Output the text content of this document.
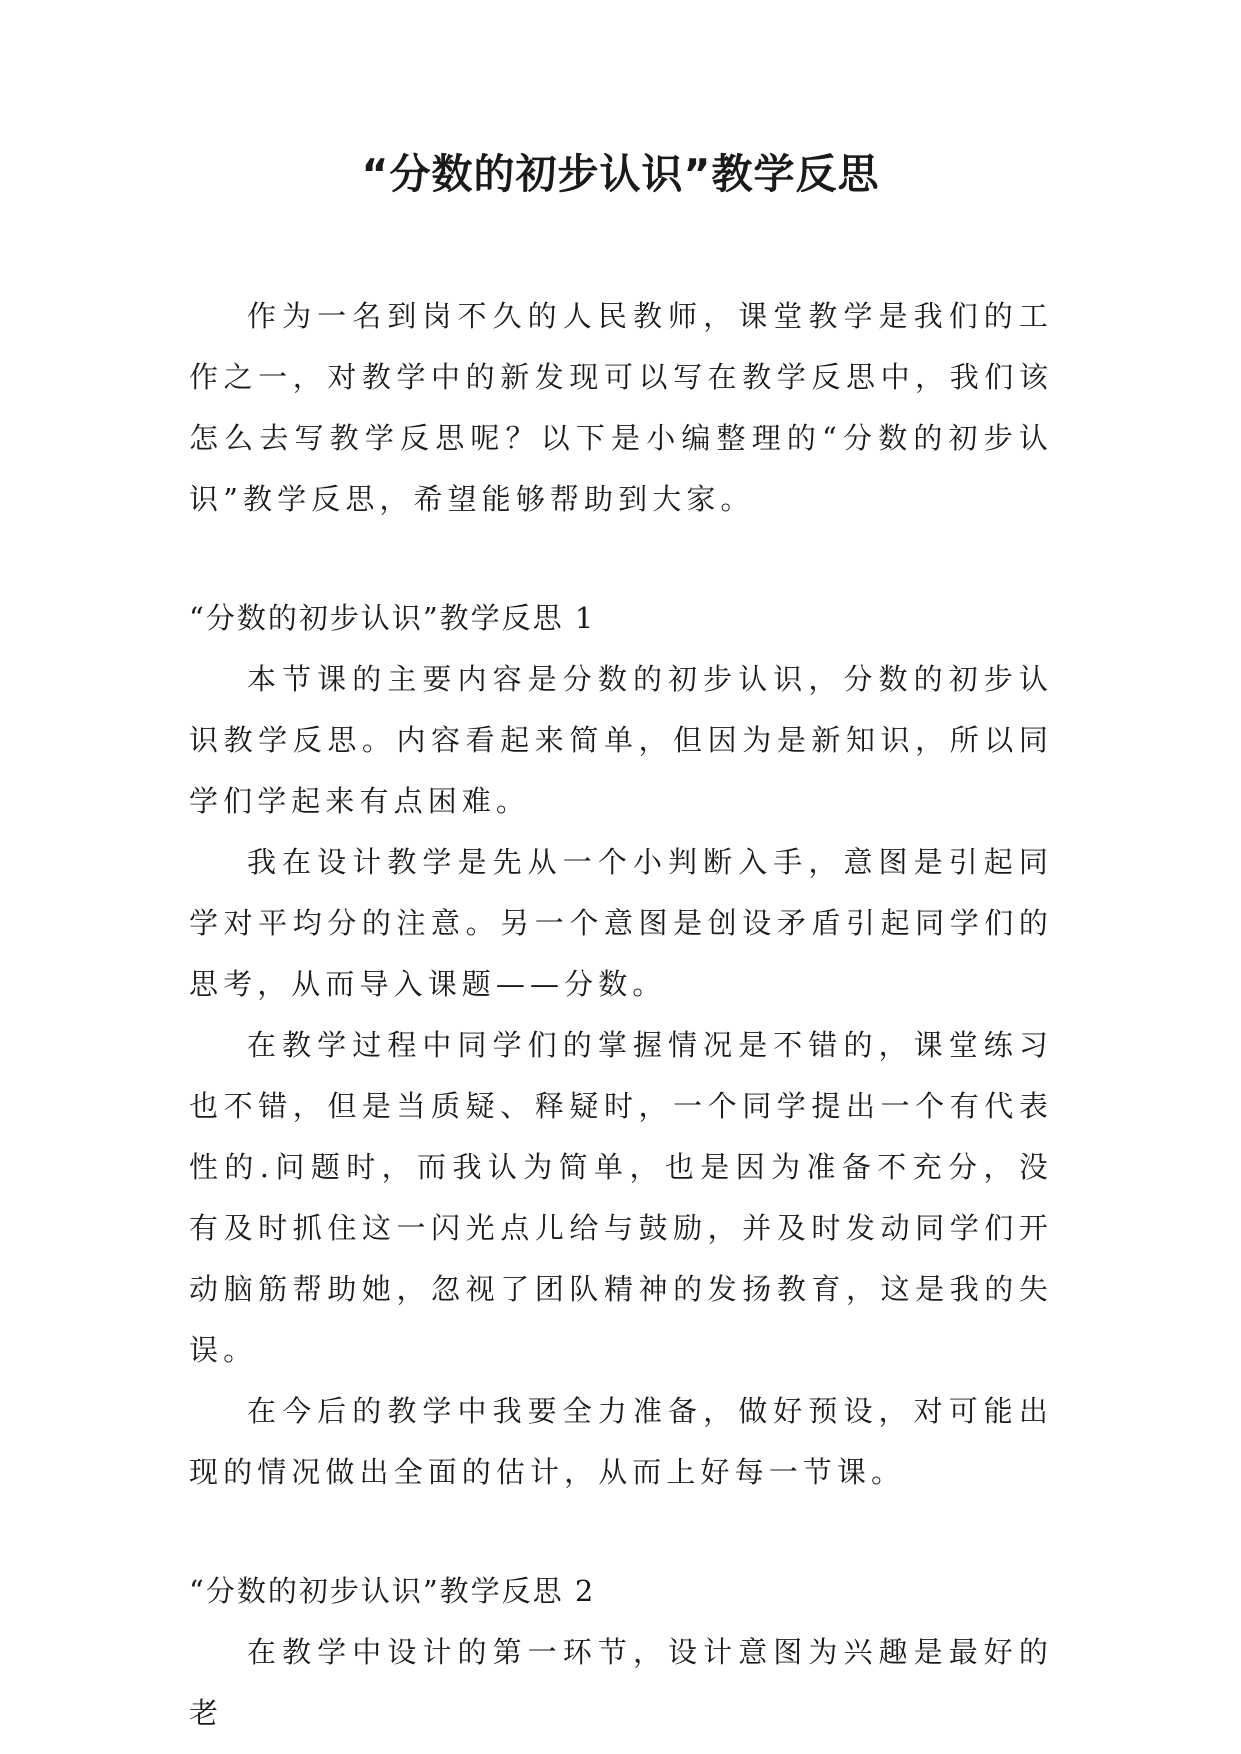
“分数的初步认识”教学反思

作为一名到岗不久的人民教师，课堂教学是我们的工作之一，对教学中的新发现可以写在教学反思中，我们该怎么去写教学反思呢？以下是小编整理的“分数的初步认识”教学反思，希望能够帮助到大家。

“分数的初步认识”教学反思 1

本节课的主要内容是分数的初步认识，分数的初步认识教学反思。内容看起来简单，但因为是新知识，所以同学们学起来有点困难。

我在设计教学是先从一个小判断入手，意图是引起同学对平均分的注意。另一个意图是创设矛盾引起同学们的思考，从而导入课题——分数。

在教学过程中同学们的掌握情况是不错的，课堂练习也不错，但是当质疑、释疑时，一个同学提出一个有代表性的.问题时，而我认为简单，也是因为准备不充分，没有及时抓住这一闪光点儿给与鼓励，并及时发动同学们开动脑筋帮助她，忽视了团队精神的发扬教育，这是我的失误。

在今后的教学中我要全力准备，做好预设，对可能出现的情况做出全面的估计，从而上好每一节课。

“分数的初步认识”教学反思 2

在教学中设计的第一环节，设计意图为兴趣是最好的老
